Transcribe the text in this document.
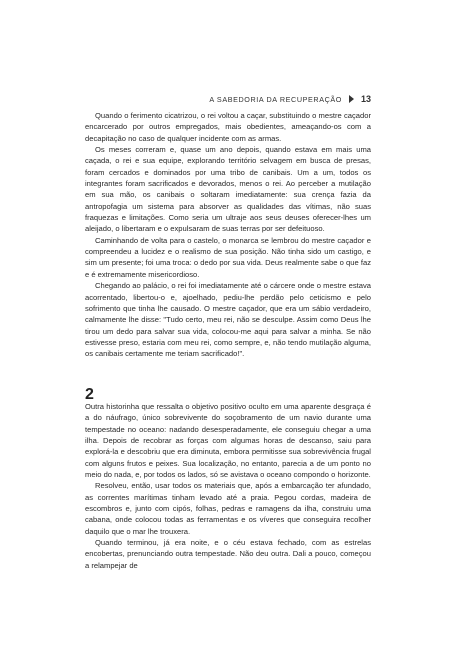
A SABEDORIA DA RECUPERAÇÃO 13

Quando o ferimento cicatrizou, o rei voltou a caçar, substituindo o mestre caçador encarcerado por outros empregados, mais obedientes, ameaçando-os com a decapitação no caso de qualquer incidente com as armas.

Os meses correram e, quase um ano depois, quando estava em mais uma caçada, o rei e sua equipe, explorando território selvagem em busca de presas, foram cercados e dominados por uma tribo de canibais. Um a um, todos os integrantes foram sacrificados e devorados, menos o rei. Ao perceber a mutilação em sua mão, os canibais o soltaram imediatamente: sua crença fazia da antropofagia um sistema para absorver as qualidades das vítimas, não suas fraquezas e limitações. Como seria um ultraje aos seus deuses oferecer-lhes um aleijado, o libertaram e o expulsaram de suas terras por ser defeituoso.

Caminhando de volta para o castelo, o monarca se lembrou do mestre caçador e compreendeu a lucidez e o realismo de sua posição. Não tinha sido um castigo, e sim um presente; foi uma troca: o dedo por sua vida. Deus realmente sabe o que faz e é extremamente misericordioso.

Chegando ao palácio, o rei foi imediatamente até o cárcere onde o mestre estava acorrentado, libertou-o e, ajoelhado, pediu-lhe perdão pelo ceticismo e pelo sofrimento que tinha lhe causado. O mestre caçador, que era um sábio verdadeiro, calmamente lhe disse: "Tudo certo, meu rei, não se desculpe. Assim como Deus lhe tirou um dedo para salvar sua vida, colocou-me aqui para salvar a minha. Se não estivesse preso, estaria com meu rei, como sempre, e, não tendo mutilação alguma, os canibais certamente me teriam sacrificado!".

2

Outra historinha que ressalta o objetivo positivo oculto em uma aparente desgraça é a do náufrago, único sobrevivente do soçobramento de um navio durante uma tempestade no oceano: nadando desesperadamente, ele conseguiu chegar a uma ilha. Depois de recobrar as forças com algumas horas de descanso, saiu para explorá-la e descobriu que era diminuta, embora permitisse sua sobrevivência frugal com alguns frutos e peixes. Sua localização, no entanto, parecia a de um ponto no meio do nada, e, por todos os lados, só se avistava o oceano compondo o horizonte.

Resolveu, então, usar todos os materiais que, após a embarcação ter afundado, as correntes marítimas tinham levado até a praia. Pegou cordas, madeira de escombros e, junto com cipós, folhas, pedras e ramagens da ilha, construiu uma cabana, onde colocou todas as ferramentas e os víveres que conseguira recolher daquilo que o mar lhe trouxera.

Quando terminou, já era noite, e o céu estava fechado, com as estrelas encobertas, prenunciando outra tempestade. Não deu outra. Dali a pouco, começou a relampejar de
